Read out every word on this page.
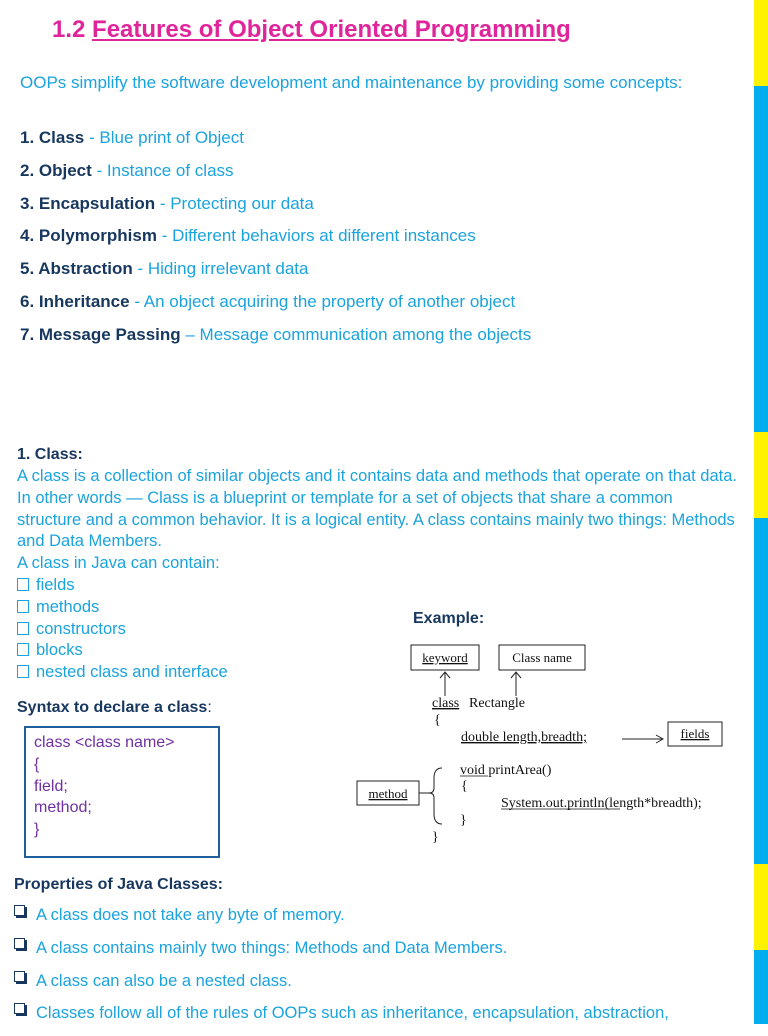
1.2 Features of Object Oriented Programming
OOPs simplify the software development and maintenance by providing some concepts:
1. Class - Blue print of Object
2. Object - Instance of class
3. Encapsulation - Protecting our data
4. Polymorphism - Different behaviors at different instances
5. Abstraction - Hiding irrelevant data
6. Inheritance - An object acquiring the property of another object
7. Message Passing – Message communication among the objects
1. Class:

A class is a collection of similar objects and it contains data and methods that operate on that data. In other words — Class is a blueprint or template for a set of objects that share a common structure and a common behavior. It is a logical entity. A class contains mainly two things: Methods and Data Members.

A class in Java can contain:

fields
methods
constructors
blocks
nested class and interface
Syntax to declare a class:
class <class name>
{
field;
method;
}
Example:
keyword	Class name
class Rectangle
{
double length,breadth;	fields
method
void printArea()
{
System.out.println(length*breadth);
}
}
Properties of Java Classes:
A class does not take any byte of memory.
A class contains mainly two things: Methods and Data Members.
A class can also be a nested class.
Classes follow all of the rules of OOPs such as inheritance, encapsulation, abstraction,
